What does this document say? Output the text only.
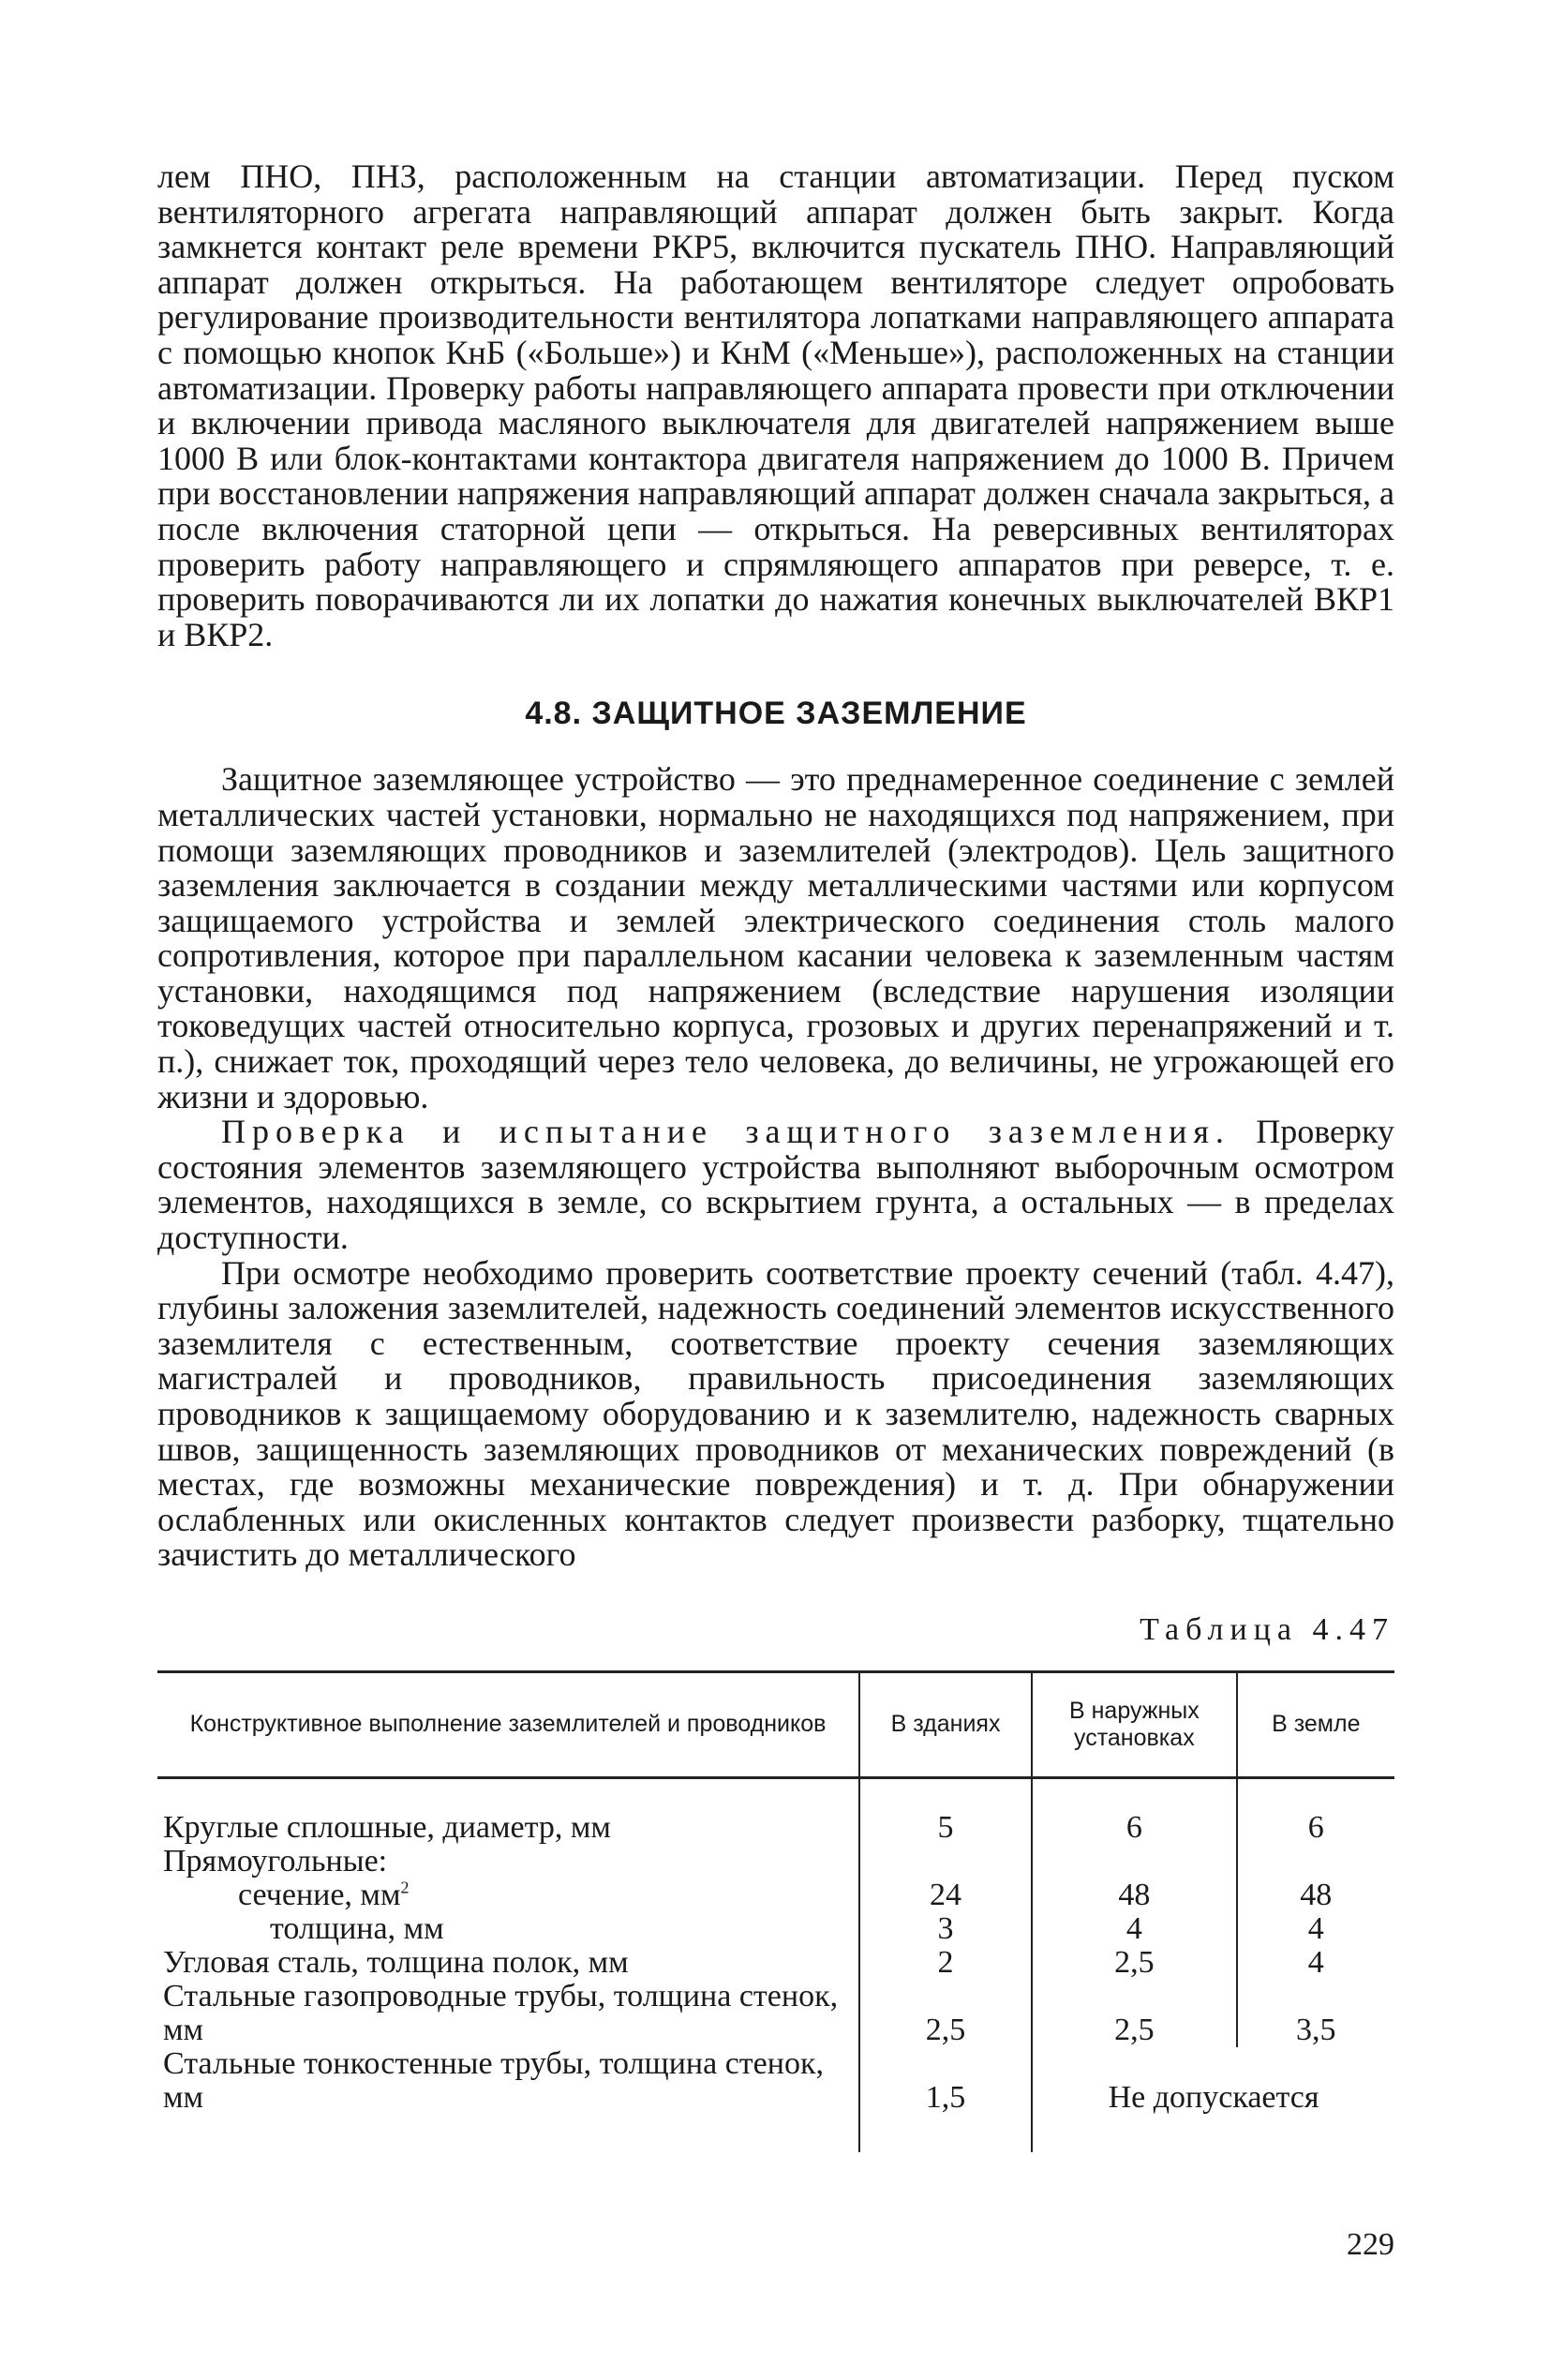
лем ПНО, ПНЗ, расположенным на станции автоматизации. Перед пуском вентиляторного агрегата направляющий аппарат должен быть закрыт. Когда замкнется контакт реле времени РКР5, включится пускатель ПНО. Направляющий аппарат должен открыться. На работающем вентиляторе следует опробовать регулирование производительности вентилятора лопатками направляющего аппарата с помощью кнопок КнБ («Больше») и КнМ («Меньше»), расположенных на станции автоматизации. Проверку работы направляющего аппарата провести при отключении и включении привода масляного выключателя для двигателей напряжением выше 1000 В или блок-контактами контактора двигателя напряжением до 1000 В. Причем при восстановлении напряжения направляющий аппарат должен сначала закрыться, а после включения статорной цепи — открыться. На реверсивных вентиляторах проверить работу направляющего и спрямляющего аппаратов при реверсе, т. е. проверить поворачиваются ли их лопатки до нажатия конечных выключателей ВКР1 и ВКР2.

4.8. ЗАЩИТНОЕ ЗАЗЕМЛЕНИЕ

Защитное заземляющее устройство — это преднамеренное соединение с землей металлических частей установки, нормально не находящихся под напряжением, при помощи заземляющих проводников и заземлителей (электродов). Цель защитного заземления заключается в создании между металлическими частями или корпусом защищаемого устройства и землей электрического соединения столь малого сопротивления, которое при параллельном касании человека к заземленным частям установки, находящимся под напряжением (вследствие нарушения изоляции токоведущих частей относительно корпуса, грозовых и других перенапряжений и т. п.), снижает ток, проходящий через тело человека, до величины, не угрожающей его жизни и здоровью.

Проверка и испытание защитного заземления. Проверку состояния элементов заземляющего устройства выполняют выборочным осмотром элементов, находящихся в земле, со вскрытием грунта, а остальных — в пределах доступности.

При осмотре необходимо проверить соответствие проекту сечений (табл. 4.47), глубины заложения заземлителей, надежность соединений элементов искусственного заземлителя с естественным, соответствие проекту сечения заземляющих магистралей и проводников, правильность присоединения заземляющих проводников к защищаемому оборудованию и к заземлителю, надежность сварных швов, защищенность заземляющих проводников от механических повреждений (в местах, где возможны механические повреждения) и т. д. При обнаружении ослабленных или окисленных контактов следует произвести разборку, тщательно зачистить до металлического

Таблица 4.47
Конструктивное выполнение заземлителей и проводников	В зданиях	В наружных установках	В земле

Круглые сплошные, диаметр, мм	5	6	6
Прямоугольные:			
сечение, $мм^2$	24	48	48
толщина, мм	3	4	4
Угловая сталь, толщина полок, мм	2	2,5	4
Стальные газопроводные трубы, толщина стенок, мм	2,5	2,5	3,5
Стальные тонкостенные трубы, толщина стенок, мм	1,5	Не допускается	

229
